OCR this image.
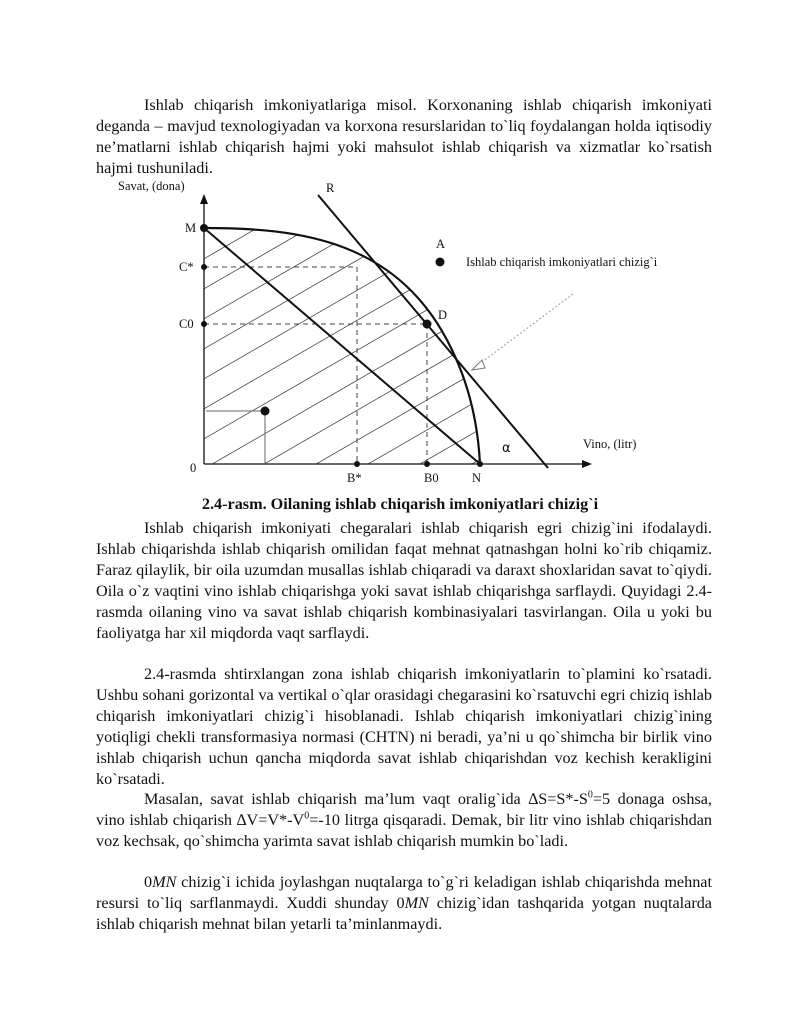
Ishlab chiqarish imkoniyatlariga misol. Korxonaning ishlab chiqarish imkoniyati deganda – mavjud texnologiyadan va korxona resurslaridan to`liq foydalangan holda iqtisodiy ne’matlarni ishlab chiqarish hajmi yoki mahsulot ishlab chiqarish va xizmatlar ko`rsatish hajmi tushuniladi.

Savat, (dona)
Vino, (litr)
0
M
C*
C0
B*	B0	N
D
A
R
α
Ishlab chiqarish imkoniyatlari chizig`i

2.4-rasm. Oilaning ishlab chiqarish imkoniyatlari chizig`i

Ishlab chiqarish imkoniyati chegaralari ishlab chiqarish egri chizig`ini ifodalaydi. Ishlab chiqarishda ishlab chiqarish omilidan faqat mehnat qatnashgan holni ko`rib chiqamiz. Faraz qilaylik, bir oila uzumdan musallas ishlab chiqaradi va daraxt shoxlaridan savat to`qiydi. Oila o`z vaqtini vino ishlab chiqarishga yoki savat ishlab chiqarishga sarflaydi. Quyidagi 2.4-rasmda oilaning vino va savat ishlab chiqarish kombinasiyalari tasvirlangan. Oila u yoki bu faoliyatga har xil miqdorda vaqt sarflaydi.

2.4-rasmda shtirxlangan zona ishlab chiqarish imkoniyatlarin to`plamini ko`rsatadi. Ushbu sohani gorizontal va vertikal o`qlar orasidagi chegarasini ko`rsatuvchi egri chiziq ishlab chiqarish imkoniyatlari chizig`i hisoblanadi. Ishlab chiqarish imkoniyatlari chizig`ining yotiqligi chekli transformasiya normasi (CHTN) ni beradi, ya’ni u qo`shimcha bir birlik vino ishlab chiqarish uchun qancha miqdorda savat ishlab chiqarishdan voz kechish kerakligini ko`rsatadi.

Masalan, savat ishlab chiqarish ma’lum vaqt oralig`ida $\Delta S=S*-S^0=5$ donaga oshsa, vino ishlab chiqarish $\Delta V=V*-V^0=-10$ litrga qisqaradi. Demak, bir litr vino ishlab chiqarishdan voz kechsak, qo`shimcha yarimta savat ishlab chiqarish mumkin bo`ladi.

0MN chizig`i ichida joylashgan nuqtalarga to`g`ri keladigan ishlab chiqarishda mehnat resursi to`liq sarflanmaydi. Xuddi shunday 0MN chizig`idan tashqarida yotgan nuqtalarda ishlab chiqarish mehnat bilan yetarli ta’minlanmaydi.
